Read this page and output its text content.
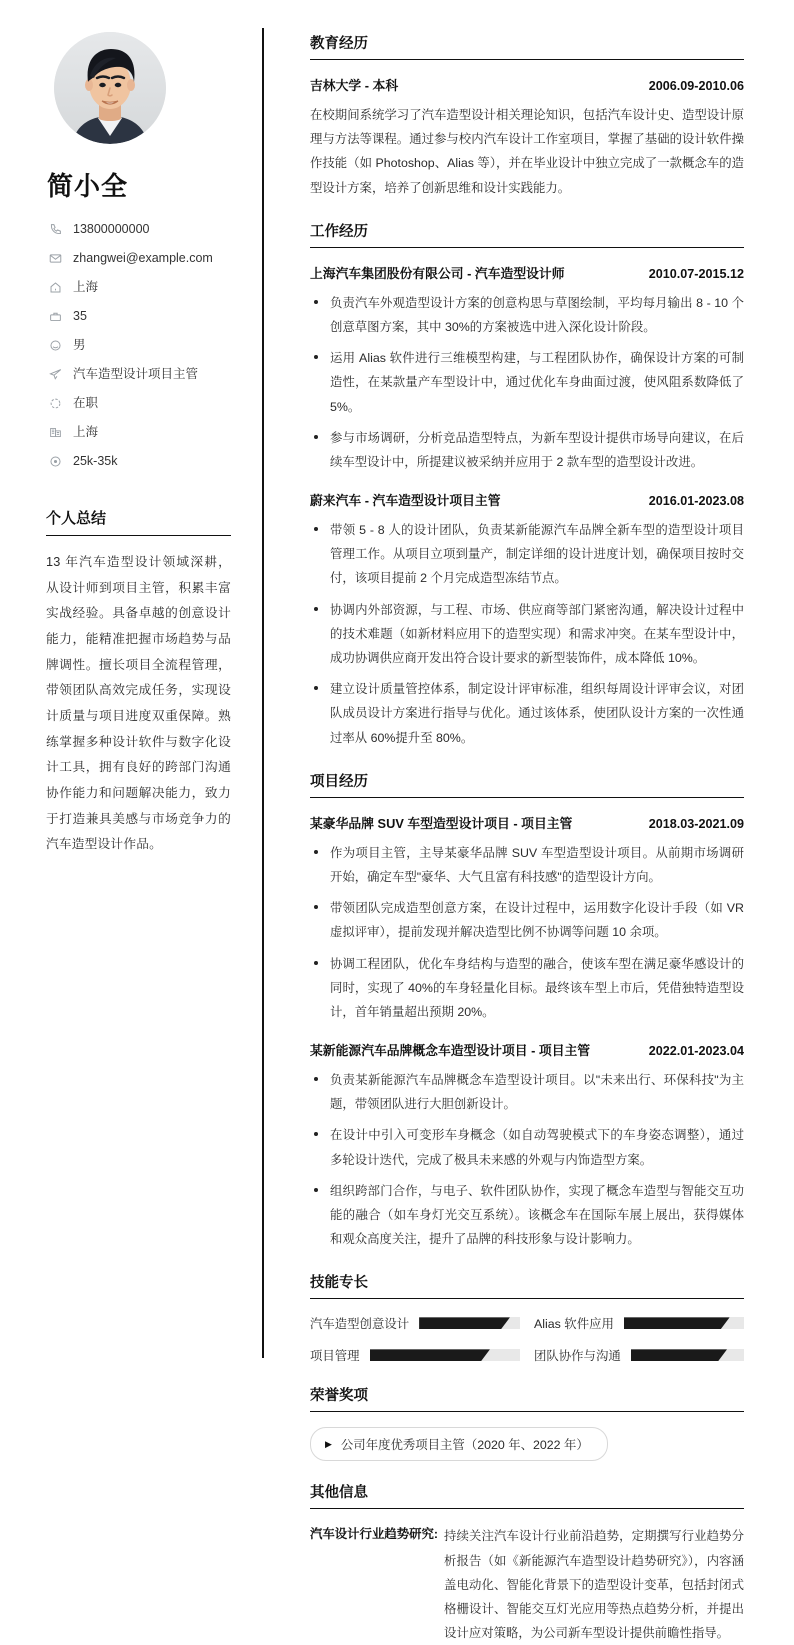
简小全
13800000000
zhangwei@example.com
上海
35
男
汽车造型设计项目主管
在职
上海
25k-35k
个人总结
13 年汽车造型设计领域深耕，从设计师到项目主管，积累丰富实战经验。具备卓越的创意设计能力，能精准把握市场趋势与品牌调性。擅长项目全流程管理，带领团队高效完成任务，实现设计质量与项目进度双重保障。熟练掌握多种设计软件与数字化设计工具，拥有良好的跨部门沟通协作能力和问题解决能力，致力于打造兼具美感与市场竞争力的汽车造型设计作品。
教育经历
吉林大学 - 本科	2006.09-2010.06
在校期间系统学习了汽车造型设计相关理论知识，包括汽车设计史、造型设计原理与方法等课程。通过参与校内汽车设计工作室项目，掌握了基础的设计软件操作技能（如 Photoshop、Alias 等），并在毕业设计中独立完成了一款概念车的造型设计方案，培养了创新思维和设计实践能力。
工作经历
上海汽车集团股份有限公司 - 汽车造型设计师	2010.07-2015.12
负责汽车外观造型设计方案的创意构思与草图绘制，平均每月输出 8 - 10 个创意草图方案，其中 30%的方案被选中进入深化设计阶段。
运用 Alias 软件进行三维模型构建，与工程团队协作，确保设计方案的可制造性，在某款量产车型设计中，通过优化车身曲面过渡，使风阻系数降低了 5%。
参与市场调研，分析竞品造型特点，为新车型设计提供市场导向建议，在后续车型设计中，所提建议被采纳并应用于 2 款车型的造型设计改进。
蔚来汽车 - 汽车造型设计项目主管	2016.01-2023.08
带领 5 - 8 人的设计团队，负责某新能源汽车品牌全新车型的造型设计项目管理工作。从项目立项到量产，制定详细的设计进度计划，确保项目按时交付，该项目提前 2 个月完成造型冻结节点。
协调内外部资源，与工程、市场、供应商等部门紧密沟通，解决设计过程中的技术难题（如新材料应用下的造型实现）和需求冲突。在某车型设计中，成功协调供应商开发出符合设计要求的新型装饰件，成本降低 10%。
建立设计质量管控体系，制定设计评审标准，组织每周设计评审会议，对团队成员设计方案进行指导与优化。通过该体系，使团队设计方案的一次性通过率从 60%提升至 80%。
项目经历
某豪华品牌 SUV 车型造型设计项目 - 项目主管	2018.03-2021.09
作为项目主管，主导某豪华品牌 SUV 车型造型设计项目。从前期市场调研开始，确定车型"豪华、大气且富有科技感"的造型设计方向。
带领团队完成造型创意方案，在设计过程中，运用数字化设计手段（如 VR 虚拟评审），提前发现并解决造型比例不协调等问题 10 余项。
协调工程团队，优化车身结构与造型的融合，使该车型在满足豪华感设计的同时，实现了 40%的车身轻量化目标。最终该车型上市后，凭借独特造型设计，首年销量超出预期 20%。
某新能源汽车品牌概念车造型设计项目 - 项目主管	2022.01-2023.04
负责某新能源汽车品牌概念车造型设计项目。以"未来出行、环保科技"为主题，带领团队进行大胆创新设计。
在设计中引入可变形车身概念（如自动驾驶模式下的车身姿态调整），通过多轮设计迭代，完成了极具未来感的外观与内饰造型方案。
组织跨部门合作，与电子、软件团队协作，实现了概念车造型与智能交互功能的融合（如车身灯光交互系统）。该概念车在国际车展上展出，获得媒体和观众高度关注，提升了品牌的科技形象与设计影响力。
技能专长
汽车造型创意设计	Alias 软件应用
项目管理	团队协作与沟通
荣誉奖项
▶ 公司年度优秀项目主管（2020 年、2022 年）
其他信息
汽车设计行业趋势研究: 持续关注汽车设计行业前沿趋势，定期撰写行业趋势分析报告（如《新能源汽车造型设计趋势研究》），内容涵盖电动化、智能化背景下的造型设计变革，包括封闭式格栅设计、智能交互灯光应用等热点趋势分析，并提出设计应对策略，为公司新车型设计提供前瞻性指导。
